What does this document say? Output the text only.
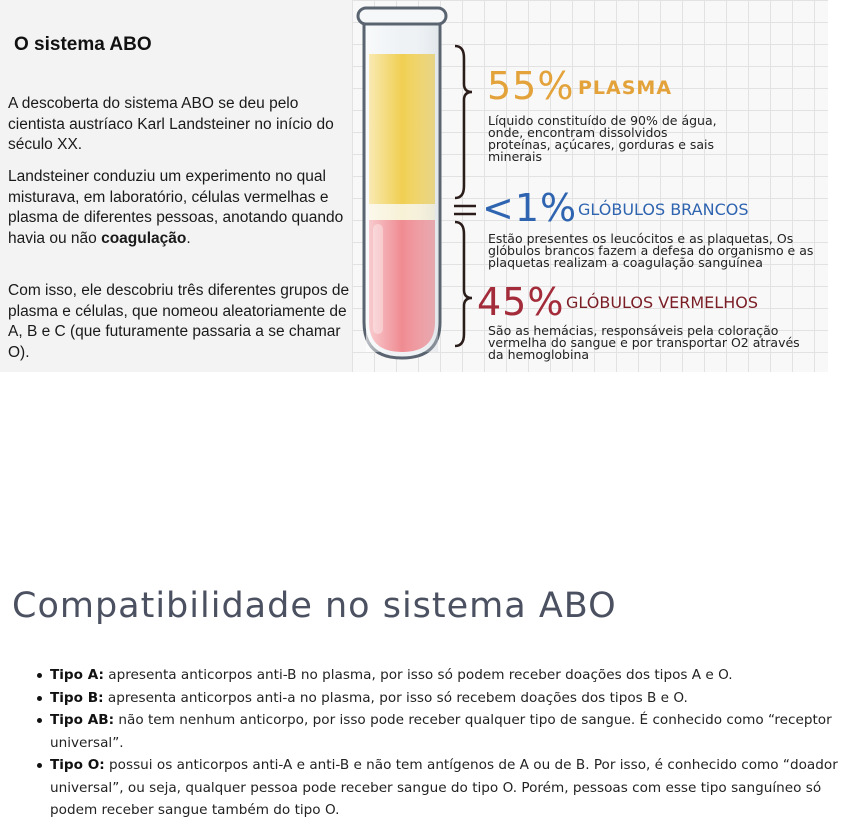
O sistema ABO

A descoberta do sistema ABO se deu pelo cientista austríaco Karl Landsteiner no início do século XX.

Landsteiner conduziu um experimento no qual misturava, em laboratório, células vermelhas e plasma de diferentes pessoas, anotando quando havia ou não coagulação.

Com isso, ele descobriu três diferentes grupos de plasma e células, que nomeou aleatoriamente de A, B e C (que futuramente passaria a se chamar O).

55% PLASMA
Líquido constituído de 90% de água, onde, encontram dissolvidos proteínas, açúcares, gorduras e sais minerais
<1% GLÓBULOS BRANCOS
Estão presentes os leucócitos e as plaquetas, Os glóbulos brancos fazem a defesa do organismo e as plaquetas realizam a coagulação sanguínea
45% GLÓBULOS VERMELHOS
São as hemácias, responsáveis pela coloração vermelha do sangue e por transportar O2 através da hemoglobina
Compatibilidade no sistema ABO
Tipo A: apresenta anticorpos anti-B no plasma, por isso só podem receber doações dos tipos A e O.
Tipo B: apresenta anticorpos anti-a no plasma, por isso só recebem doações dos tipos B e O.
Tipo AB: não tem nenhum anticorpo, por isso pode receber qualquer tipo de sangue. É conhecido como “receptor universal”.
Tipo O: possui os anticorpos anti-A e anti-B e não tem antígenos de A ou de B. Por isso, é conhecido como “doador universal”, ou seja, qualquer pessoa pode receber sangue do tipo O. Porém, pessoas com esse tipo sanguíneo só podem receber sangue também do tipo O.
